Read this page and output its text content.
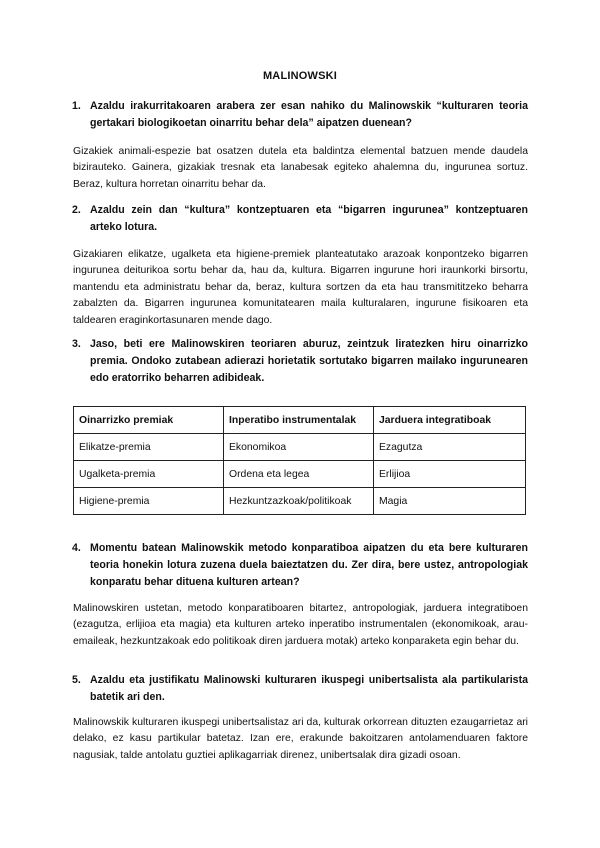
MALINOWSKI
1. Azaldu irakurritakoaren arabera zer esan nahiko du Malinowskik “kulturaren teoria gertakari biologikoetan oinarritu behar dela” aipatzen duenean?
Gizakiek animali-espezie bat osatzen dutela eta baldintza elemental batzuen mende daudela bizirauteko. Gainera, gizakiak tresnak eta lanabesak egiteko ahalemna du, ingurunea sortuz. Beraz, kultura horretan oinarritu behar da.
2. Azaldu zein dan “kultura” kontzeptuaren eta “bigarren ingurunea” kontzeptuaren arteko lotura.
Gizakiaren elikatze, ugalketa eta higiene-premiek planteatutako arazoak konpontzeko bigarren ingurunea deiturikoa sortu behar da, hau da, kultura. Bigarren ingurune hori iraunkorki birsortu, mantendu eta administratu behar da, beraz, kultura sortzen da eta hau transmititzeko beharra zabalzten da. Bigarren ingurunea komunitatearen maila kulturalaren, ingurune fisikoaren eta taldearen eraginkortasunaren mende dago.
3. Jaso, beti ere Malinowskiren teoriaren aburuz, zeintzuk liratezken hiru oinarrizko premia. Ondoko zutabean adierazi horietatik sortutako bigarren mailako ingurunearen edo eratorriko beharren adibideak.
Oinarrizko premiak	Inperatibo instrumentalak	Jarduera integratiboak
Elikatze-premia	Ekonomikoa	Ezagutza
Ugalketa-premia	Ordena eta legea	Erlijioa
Higiene-premia	Hezkuntzazkoak/politikoak	Magia
4. Momentu batean Malinowskik metodo konparatiboa aipatzen du eta bere kulturaren teoria honekin lotura zuzena duela baieztatzen du. Zer dira, bere ustez, antropologiak konparatu behar dituena kulturen artean?
Malinowskiren ustetan, metodo konparatiboaren bitartez, antropologiak, jarduera integratiboen (ezagutza, erlijioa eta magia) eta kulturen arteko inperatibo instrumentalen (ekonomikoak, arau-emaileak, hezkuntzakoak edo politikoak diren jarduera motak) arteko konparaketa egin behar du.
5. Azaldu eta justifikatu Malinowski kulturaren ikuspegi unibertsalista ala partikularista batetik ari den.
Malinowskik kulturaren ikuspegi unibertsalistaz ari da, kulturak orkorrean dituzten ezaugarrietaz ari delako, ez kasu partikular batetaz. Izan ere, erakunde bakoitzaren antolamenduaren faktore nagusiak, talde antolatu guztiei aplikagarriak direnez, unibertsalak dira gizadi osoan.
